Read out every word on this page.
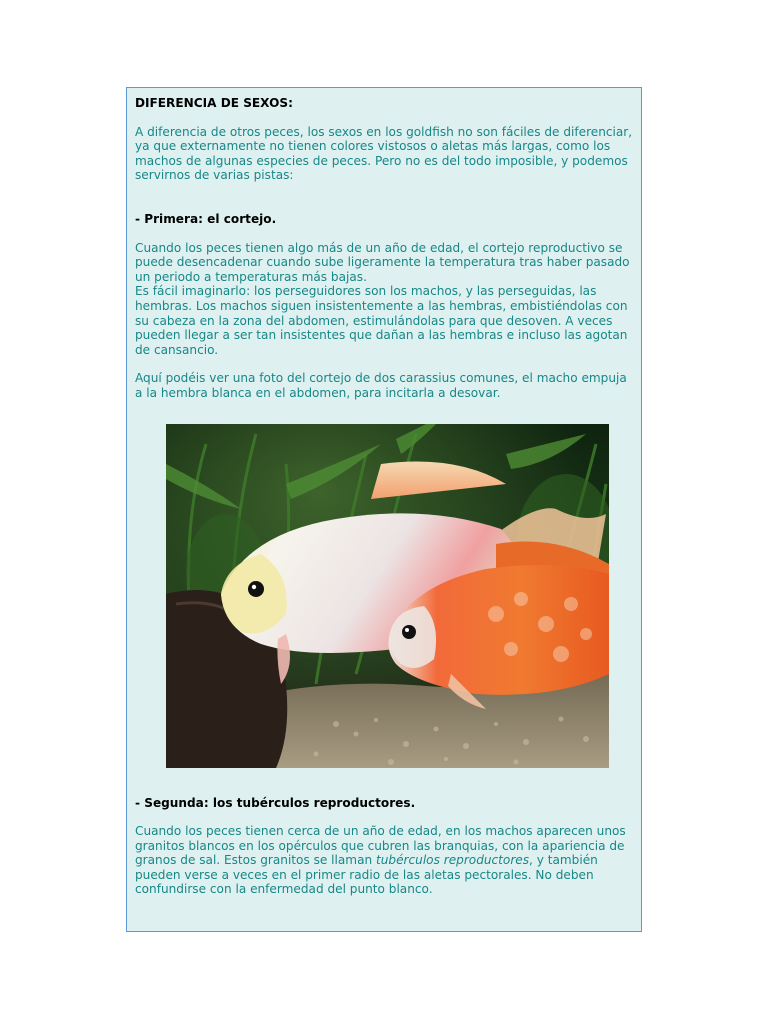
DIFERENCIA DE SEXOS:

A diferencia de otros peces, los sexos en los goldfish no son fáciles de diferenciar, ya que externamente no tienen colores vistosos o aletas más largas, como los machos de algunas especies de peces. Pero no es del todo imposible, y podemos servirnos de varias pistas:

- Primera: el cortejo.

Cuando los peces tienen algo más de un año de edad, el cortejo reproductivo se puede desencadenar cuando sube ligeramente la temperatura tras haber pasado un periodo a temperaturas más bajas.

Es fácil imaginarlo: los perseguidores son los machos, y las perseguidas, las hembras. Los machos siguen insistentemente a las hembras, embistiéndolas con su cabeza en la zona del abdomen, estimulándolas para que desoven. A veces pueden llegar a ser tan insistentes que dañan a las hembras e incluso las agotan de cansancio.

Aquí podéis ver una foto del cortejo de dos carassius comunes, el macho empuja a la hembra blanca en el abdomen, para incitarla a desovar.

- Segunda: los tubérculos reproductores.

Cuando los peces tienen cerca de un año de edad, en los machos aparecen unos granitos blancos en los opérculos que cubren las branquias, con la apariencia de granos de sal. Estos granitos se llaman tubérculos reproductores, y también pueden verse a veces en el primer radio de las aletas pectorales. No deben confundirse con la enfermedad del punto blanco.
